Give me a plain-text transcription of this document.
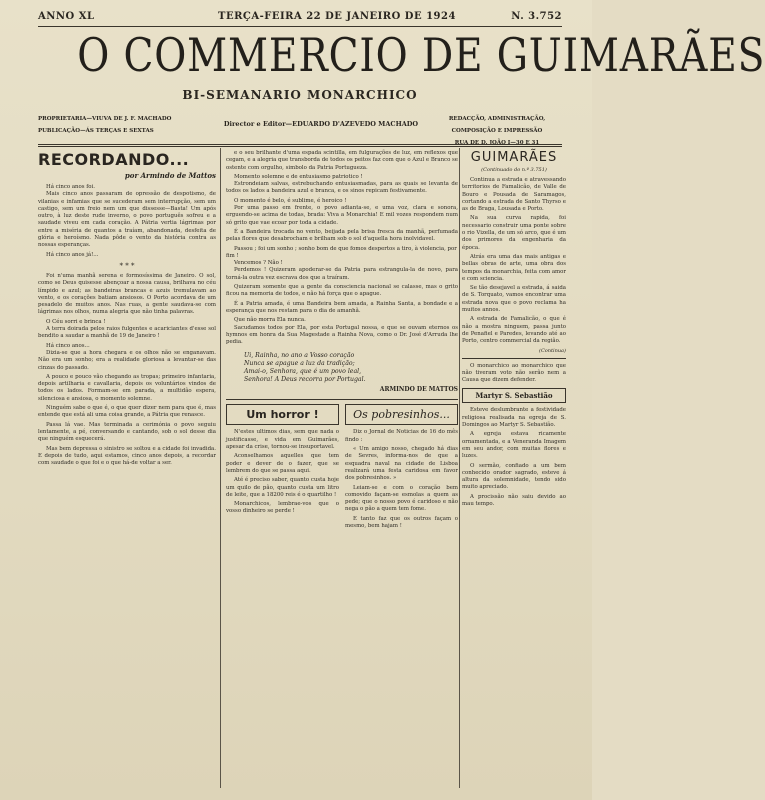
ANNO XL	TERÇA-FEIRA 22 DE JANEIRO DE 1924	N. 3.752
O COMMERCIO DE GUIMARÃES
BI-SEMANARIO MONARCHICO
PROPRIETARIA—VIUVA DE J. F. MACHADO
PUBLICAÇÃO—ÁS TERÇAS E SEXTAS
Director e Editor—EDUARDO D'AZEVEDO MACHADO
REDACÇÃO, ADMINISTRAÇÃO, COMPOSIÇÃO E IMPRESSÃO
RUA DE D. JOÃO I—30 E 31
RECORDANDO...
por Armindo de Mattos
Há cinco anos foi.
Mais cinco anos passaram de opressão de despotismo, de vilanias e infamias que se sucederam sem interrupção, sem um castigo, sem um freio nem um que dissesse—Basta! Um após outro, à luz deste rude inverno, o povo português sofreu e a saudade viveu em cada coração. A Pátria vertia lágrimas por entre a miséria de quantos a traíam, abandonada, desfeita de glória e heroísmo. Nada pôde o vento da história contra as nossas esperanças.
Há cinco anos já!...
* * *
Foi n'uma manhã serena e formosíssima de Janeiro. O sol, como se Deus quisesse abençoar a nossa causa, brilhava no céu límpido e azul; as bandeiras brancas e azuis tremulavam ao vento, e os corações batiam ansiosos. O Porto acordava de um pesadelo de muitos anos. Nas ruas, a gente saudava-se com lágrimas nos olhos, numa alegria que não tinha palavras.
O Céu sorri e brinca !
A terra doirada pelos raios fulgentes e acariciantes d'esse sol bendito a saudar a manhã de 19 de Janeiro !
Há cinco anos...
Dizia-se que a hora chegara e os olhos não se enganavam. Não era um sonho; era a realidade gloriosa a levantar-se das cinzas do passado.
A pouco e pouco vão chegando as tropas; primeiro infantaria, depois artilharia e cavallaria, depois os voluntários vindos de todos os lados. Formam-se em parada, a multidão espera, silenciosa e ansiosa, o momento solemne.
Ninguém sabe o que é, o que quer dizer nem para que é, mas entende que está ali uma coisa grande, a Pátria que renasce.
Passa lá vae. Mas terminada a cerimónia o povo seguiu lentamente, a pé, conversando e cantando, sob o sol desse dia que ninguém esquecerá.
Mas bem depressa o sinistro se soltou e a cidade foi invadida. E depois de tudo, aqui estamos, cinco anos depois, a recordar com saudade o que foi e o que há-de voltar a ser.
e o seu brilhante d'uma espada scintilla, em fulgurações de luz, em reflexos que cegam, e a alegria que transborda de todos os peitos faz com que o Azul e Branco se ostente com orgulho, simbolo da Patria Portugueza.
Momento solemne e de entusiasmo patriotico !
Estrondeiam salvas, estrebuchando entusiasmadas, para as quais se levanta de todos os lados a bandeira azul e branca, e os sinos repicam festivamente.
O momento é belo, é sublime, é heroico !
Por uma passo em frente, o povo adianta-se, e uma voz, clara e sonora, erguendo-se acima de todas, brada: Viva a Monarchia! E mil vozes respondem num só grito que vae ecoar por toda a cidade.
É a Bandeira trocada no vento, beijada pela brisa fresca da manhã, perfumada pelas flores que desabrocham e brilham sob o sol d'aquella hora inolvidavel.
Passou ; foi um sonho ; sonho bom de que fomos despertos a tiro, à violencia, por fim !
Vencemos ? Não !
Perdemos ! Quizeram apoderar-se da Patria para estrangula-la de novo, para torná-la outra vez escrava dos que a traíram.
Quizeram somente que a gente da consciencia nacional se calasse, mas o grito ficou na memoria de todos, e não há força que o apague.
É a Patria amada, é uma Bandeira bem amada, a Rainha Santa, a bondade e a esperança que nos restam para o dia de amanhã.
Que não morra Ela nunca.
Sacudamos todos por Ela, por esta Portugal nossa, e que se ouvam eternos os hymnos em honra da Sua Magestade a Rainha Nova, como o Dr. José d'Arruda lhe pedia.
Ui, Rainha, no ano a Vosso coração
Nunca se apague a luz da tradição;
Amai-o, Senhora, que é um povo leal,
Senhora! A Deus recorra por Portugal.
ARMINDO DE MATTOS
Um horror !
N'estes ultimos dias, sem que nada o justificasse, e vida em Guimarães, apesar da crise, tornou-se insuportavel.
Aconselhamos aquelles que tem poder e dever de o fazer, que se lembrem do que se passa aqui.
Até é preciso saber, quanto custa hoje um quilo de pão, quanto custa um litro de leite, que a 18200 reis é o quartilho !
Monarchicos, lembrae-vos que o vosso dinheiro se perde !
Os pobresinhos...
Diz o Jornal de Noticias de 16 do mês findo :
« Um amigo nosso, chegado há dias de Sevres, informa-nos de que a esquadra naval na cidade de Lisboa realizará uma festa caridosa em favor dos pobresinhos. »
Leiam-se e com o coração bem comovido façam-se esmolas a quem as pede; que o nosso povo é caridoso e não nega o pão a quem tem fome.
E tanto faz que os outros façam o mesmo, bem hajam !
GUIMARÃES
(Continuado do n.º 3.751)
Continua a estrada e atravessando territorios de Famalicão, de Valle de Bouro e Pousada de Saramagos, cortando a estrada de Santo Thyrso e as de Braga, Lousada e Porto.
Na sua curva rapida, foi necessario construir uma ponte sobre o rio Vizella, de um só arco, que é um dos primores da engenharia da época.
Atrás era uma das mais antigas e bellas obras de arte, uma obra dos tempos da monarchia, feita com amor e com sciencia.
Se tão desejavel a estrada, á saida de S. Torquato, vamos encontrar uma estrada nova que o povo reclama ha muitos annos.
A estrada de Famalicão, o que é não a mostra ninguem, passa junto de Penafiel e Paredes, levando até ao Porto, centro commercial da região.
(Continua)
O monarchico ao monarchico que não tiveram voto não serão nem a Causa que dizem defender.
Martyr S. Sebastião
Esteve deslumbrante a festividade religiosa realisada na egreja de S. Domingos ao Martyr S. Sebastião.
A egreja estava ricamente ornamentada, e a Veneranda Imagem em seu andor, com muitas flores e luzes.
O sermão, confiado a um bem conhecido orador sagrado, esteve á altura da solemnidade, tendo sido muito apreciado.
A procissão não saiu devido ao mau tempo.
